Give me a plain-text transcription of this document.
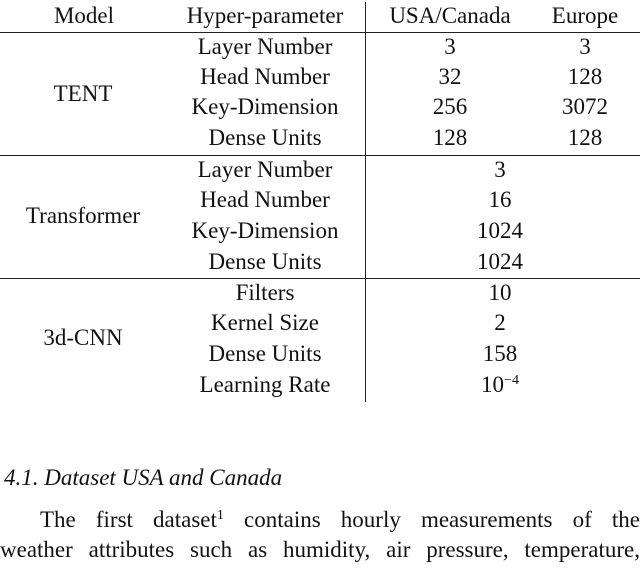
Model	Hyper-parameter	USA/Canada	Europe
TENT
Layer Number	3	3
Head Number	32	128
Key-Dimension	256	3072
Dense Units	128	128
Transformer
Layer Number	3
Head Number	16
Key-Dimension	1024
Dense Units	1024
3d-CNN
Filters	10
Kernel Size	2
Dense Units	158
Learning Rate	$10^{-4}$
4.1. Dataset USA and Canada
The first dataset$^1$ contains hourly measurements of the
weather attributes such as humidity, air pressure, temperature,
